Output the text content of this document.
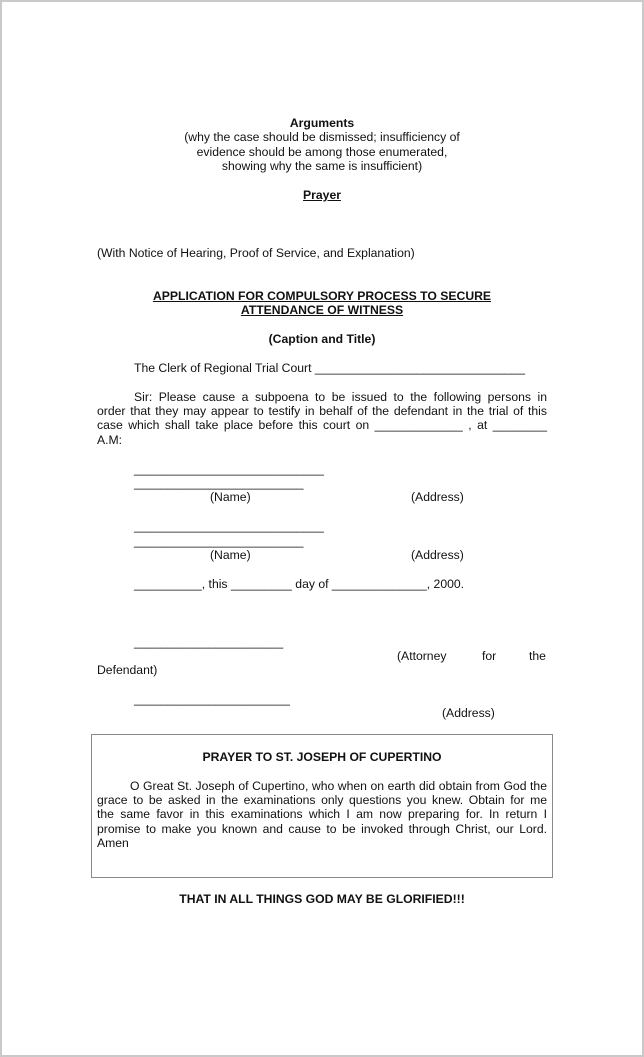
Arguments
(why the case should be dismissed; insufficiency of
evidence should be among those enumerated,
showing why the same is insufficient)
Prayer
(With Notice of Hearing, Proof of Service, and Explanation)
APPLICATION FOR COMPULSORY PROCESS TO SECURE
ATTENDANCE OF WITNESS
(Caption and Title)
The Clerk of Regional Trial Court _______________________________
Sir: Please cause a subpoena to be issued to the following persons in
order that they may appear to testify in behalf of the defendant in the trial of this
case which shall take place before this court on _____________ , at ________
A.M:
____________________________
_________________________
(Name)	(Address)
____________________________
_________________________
(Name)	(Address)
__________, this _________ day of ______________, 2000.
______________________
(Attorney	for	the
Defendant)
_______________________
(Address)
PRAYER TO ST. JOSEPH OF CUPERTINO
O Great St. Joseph of Cupertino, who when on earth did obtain from God the
grace to be asked in the examinations only questions you knew. Obtain for me
the same favor in this examinations which I am now preparing for. In return I
promise to make you known and cause to be invoked through Christ, our Lord.
Amen
THAT IN ALL THINGS GOD MAY BE GLORIFIED!!!
